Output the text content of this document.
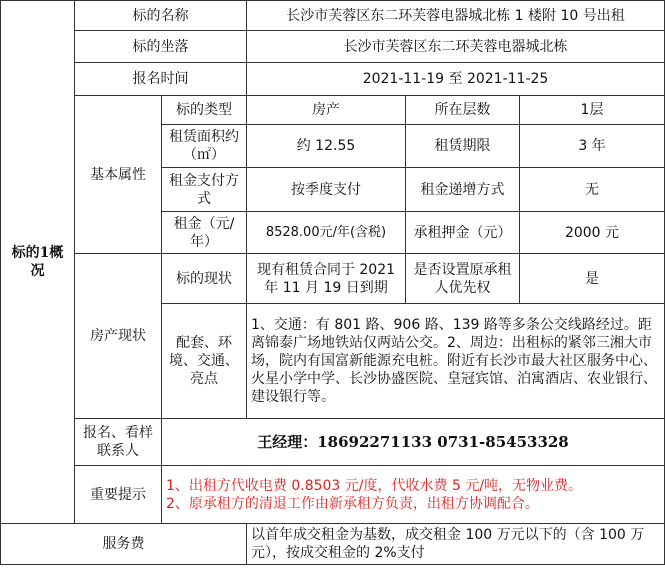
标的1概况	标的名称		长沙市芙蓉区东二环芙蓉电器城北栋 1 楼附 10 号出租		
	标的坐落		长沙市芙蓉区东二环芙蓉电器城北栋		
	报名时间		2021-11-19 至 2021-11-25		
	基本属性	标的类型	房产	所在层数	1层
		租赁面积约（㎡）	约 12.55	租赁期限	3 年
		租金支付方式	按季度支付	租金递增方式	无
		租金（元/年）	8528.00元/年(含税)	承租押金（元）	2000 元
	房产现状	标的现状	现有租赁合同于 2021年 11 月 19 日到期	是否设置原承租人优先权	是
		配套、环境、交通、亮点	1、交通：有 801 路、906 路、139 路等多条公交线路经过。距离锦泰广场地铁站仅两站公交。2、周边：出租标的紧邻三湘大市场，院内有国富新能源充电桩。附近有长沙市最大社区服务中心、火星小学中学、长沙协盛医院、皇冠宾馆、泊寓酒店、农业银行、建设银行等。		
	报名、看样联系人	王经理：18692271133 0731-85453328			
	重要提示	1、出租方代收电费 0.8503 元/度，代收水费 5 元/吨，无物业费。
2、原承租方的清退工作由新承租方负责，出租方协调配合。			

服务费			以首年成交租金为基数，成交租金 100 万元以下的（含 100 万元），按成交租金的 2%支付		
